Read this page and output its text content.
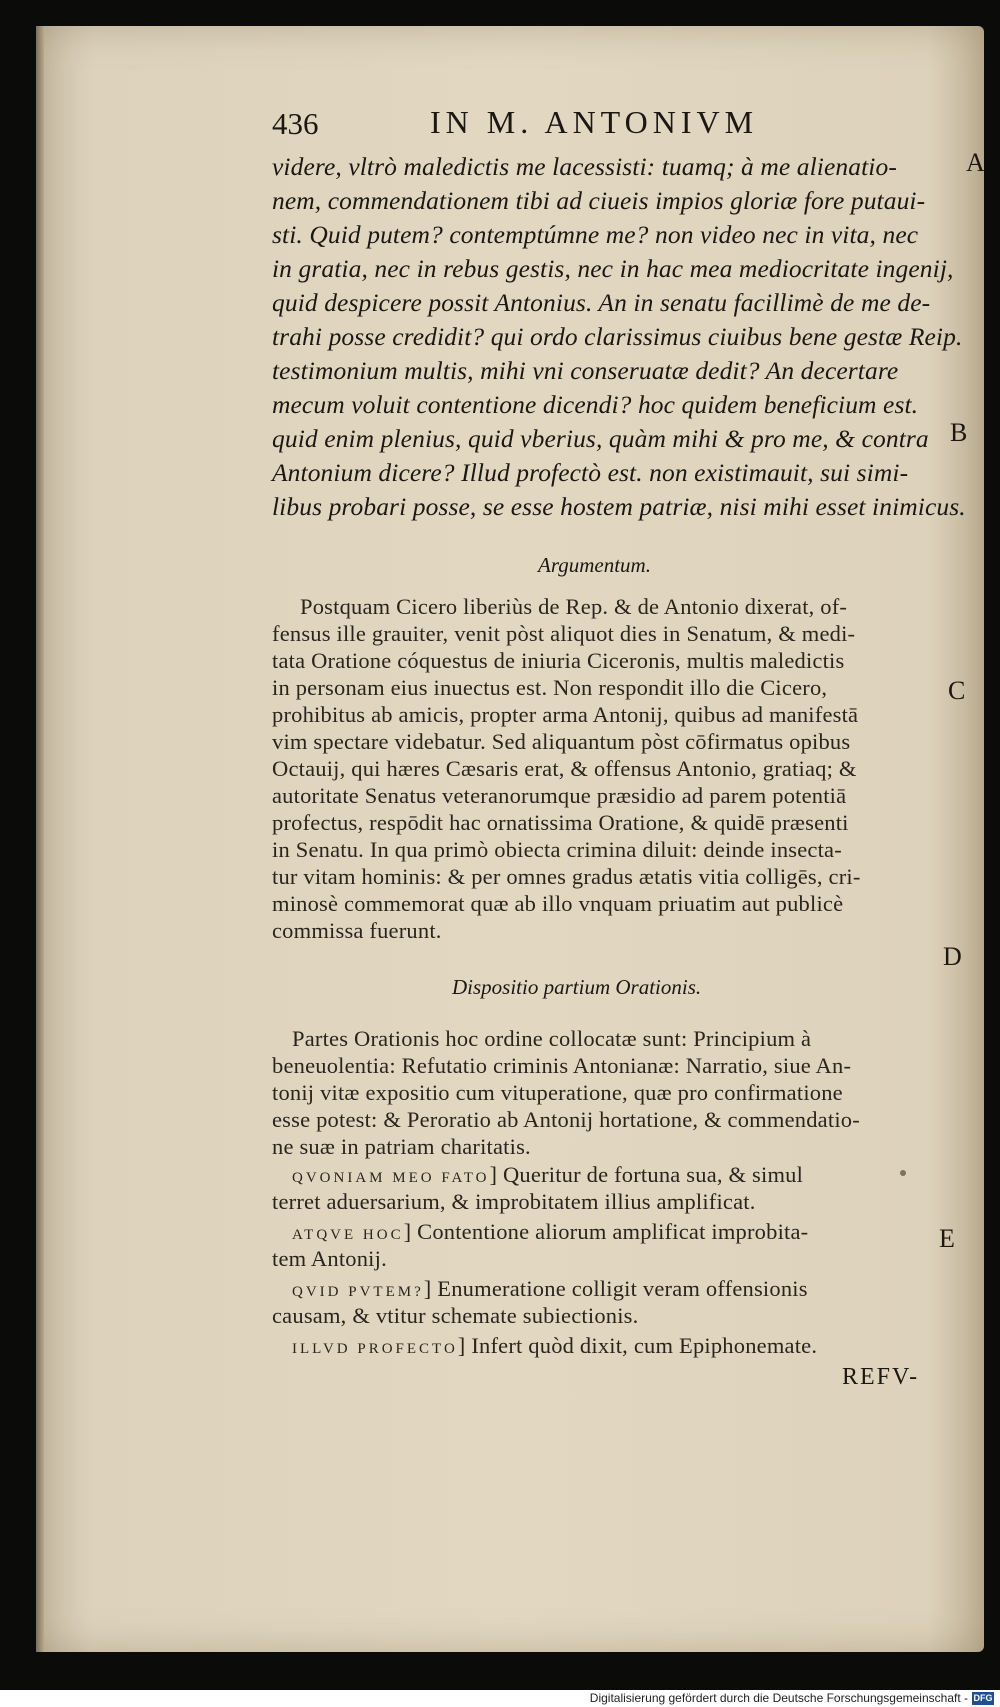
436	IN M. ANTONIVM
A
B
C
D
E
videre, vltrò maledictis me lacessisti: tuamq; à me alienatio-
nem, commendationem tibi ad ciueis impios gloriæ fore putaui-
sti. Quid putem? contemptúmne me? non video nec in vita, nec
in gratia, nec in rebus gestis, nec in hac mea mediocritate ingenij,
quid despicere possit Antonius. An in senatu facillimè de me de-
trahi posse credidit? qui ordo clarissimus ciuibus bene gestæ Reip.
testimonium multis, mihi vni conseruatæ dedit? An decertare
mecum voluit contentione dicendi? hoc quidem beneficium est.
quid enim plenius, quid vberius, quàm mihi & pro me, & contra
Antonium dicere? Illud profectò est. non existimauit, sui simi-
libus probari posse, se esse hostem patriæ, nisi mihi esset inimicus.
Argumentum.
Postquam Cicero liberiùs de Rep. & de Antonio dixerat, of-
fensus ille grauiter, venit pòst aliquot dies in Senatum, & medi-
tata Oratione cóquestus de iniuria Ciceronis, multis maledictis
in personam eius inuectus est. Non respondit illo die Cicero,
prohibitus ab amicis, propter arma Antonij, quibus ad manifestā
vim spectare videbatur. Sed aliquantum pòst cōfirmatus opibus
Octauij, qui hæres Cæsaris erat, & offensus Antonio, gratiaq; &
autoritate Senatus veteranorumque præsidio ad parem potentiā
profectus, respōdit hac ornatissima Oratione, & quidē præsenti
in Senatu. In qua primò obiecta crimina diluit: deinde insecta-
tur vitam hominis: & per omnes gradus ætatis vitia colligēs, cri-
minosè commemorat quæ ab illo vnquam priuatim aut publicè
commissa fuerunt.
Dispositio partium Orationis.
Partes Orationis hoc ordine collocatæ sunt: Principium à
beneuolentia: Refutatio criminis Antonianæ: Narratio, siue An-
tonij vitæ expositio cum vituperatione, quæ pro confirmatione
esse potest: & Peroratio ab Antonij hortatione, & commendatio-
ne suæ in patriam charitatis.
QVONIAM MEO FATO] Queritur de fortuna sua, & simul
terret aduersarium, & improbitatem illius amplificat.
ATQVE HOC] Contentione aliorum amplificat improbita-
tem Antonij.
QVID PVTEM?] Enumeratione colligit veram offensionis
causam, & vtitur schemate subiectionis.
ILLVD PROFECTO] Infert quòd dixit, cum Epiphonemate.
REFV-
Digitalisierung gefördert durch die Deutsche Forschungsgemeinschaft - DFG
